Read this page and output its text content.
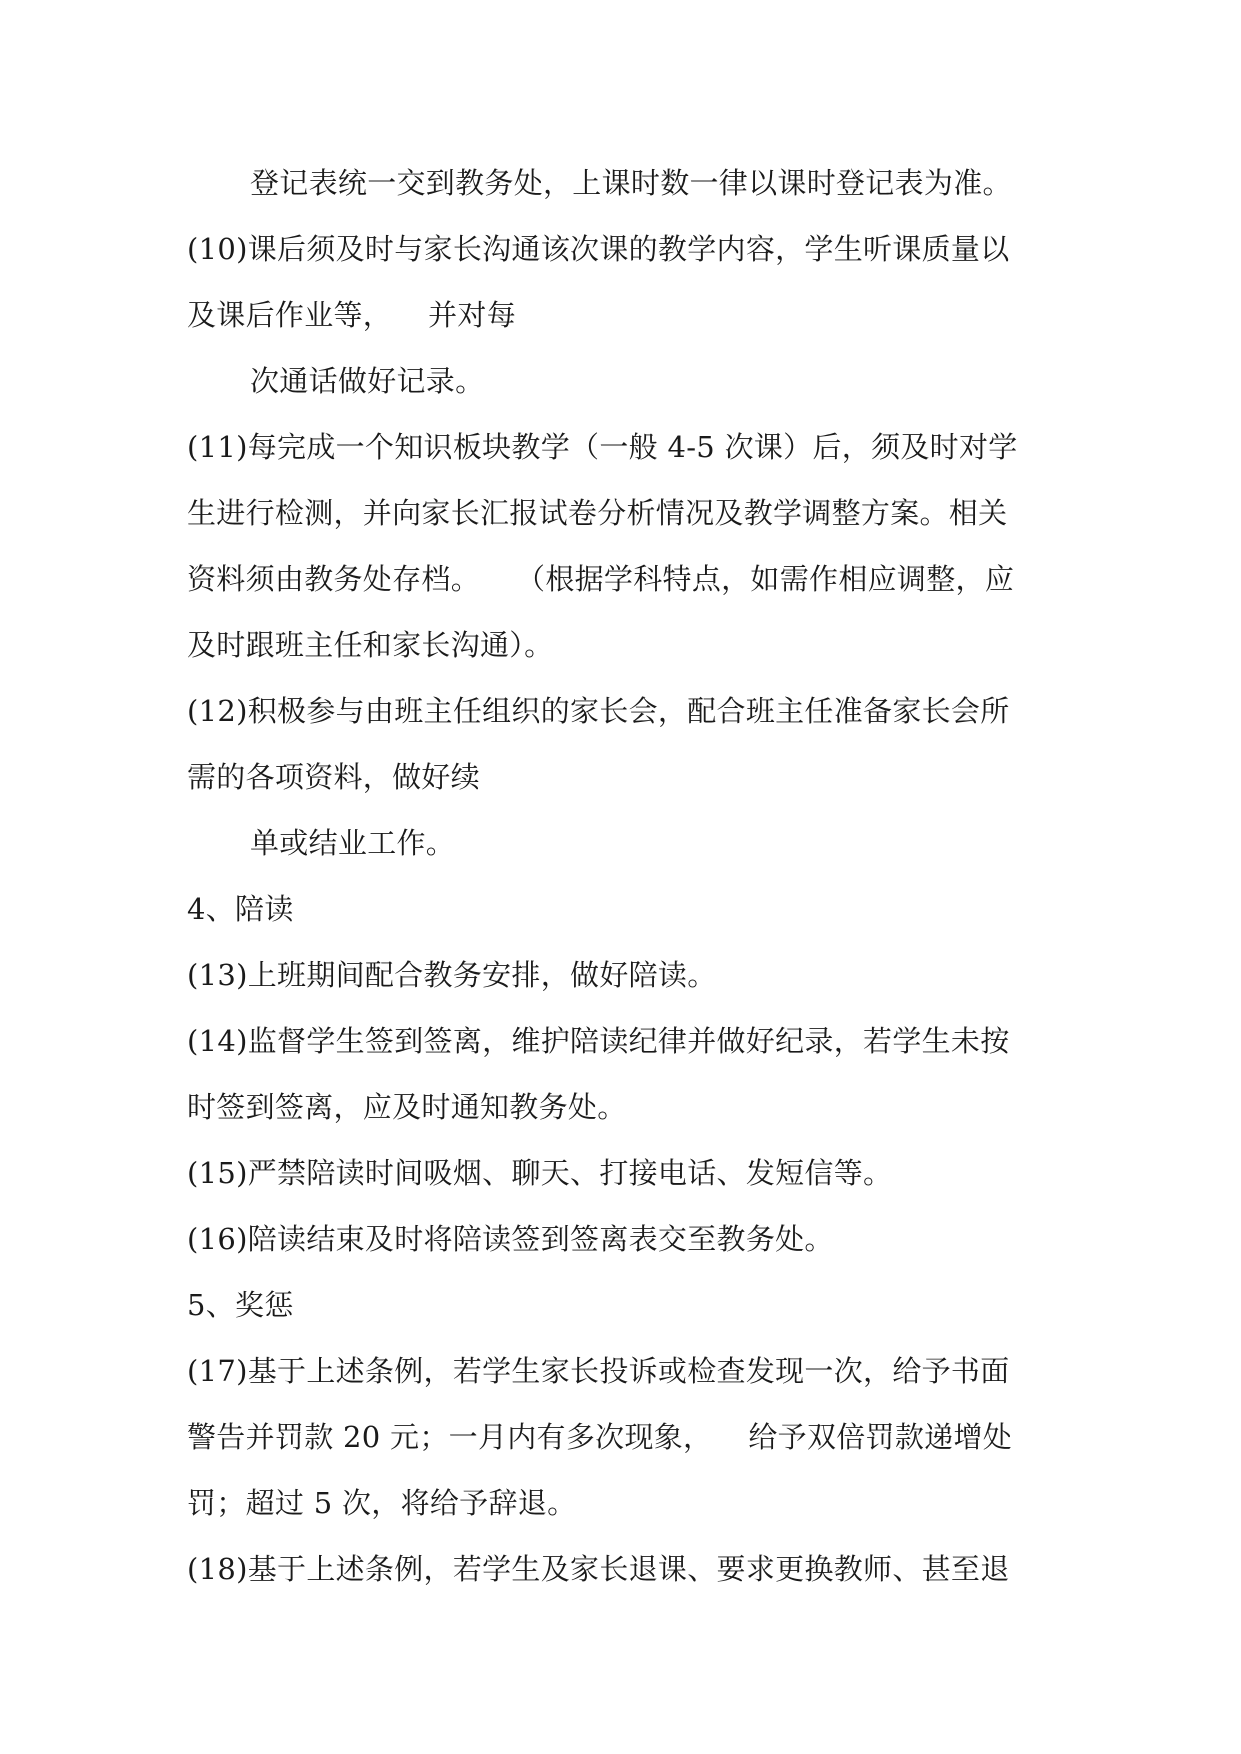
登记表统一交到教务处，上课时数一律以课时登记表为准。
(10)课后须及时与家长沟通该次课的教学内容，学生听课质量以
及课后作业等， 并对每
次通话做好记录。
(11)每完成一个知识板块教学（一般 4-5 次课）后，须及时对学
生进行检测，并向家长汇报试卷分析情况及教学调整方案。相关
资料须由教务处存档。 （根据学科特点，如需作相应调整，应
及时跟班主任和家长沟通）。
(12)积极参与由班主任组织的家长会，配合班主任准备家长会所
需的各项资料，做好续
单或结业工作。
4、陪读
(13)上班期间配合教务安排，做好陪读。
(14)监督学生签到签离，维护陪读纪律并做好纪录，若学生未按
时签到签离，应及时通知教务处。
(15)严禁陪读时间吸烟、聊天、打接电话、发短信等。
(16)陪读结束及时将陪读签到签离表交至教务处。
5、奖惩
(17)基于上述条例，若学生家长投诉或检查发现一次，给予书面
警告并罚款 20 元；一月内有多次现象， 给予双倍罚款递增处
罚；超过 5 次，将给予辞退。
(18)基于上述条例，若学生及家长退课、要求更换教师、甚至退
